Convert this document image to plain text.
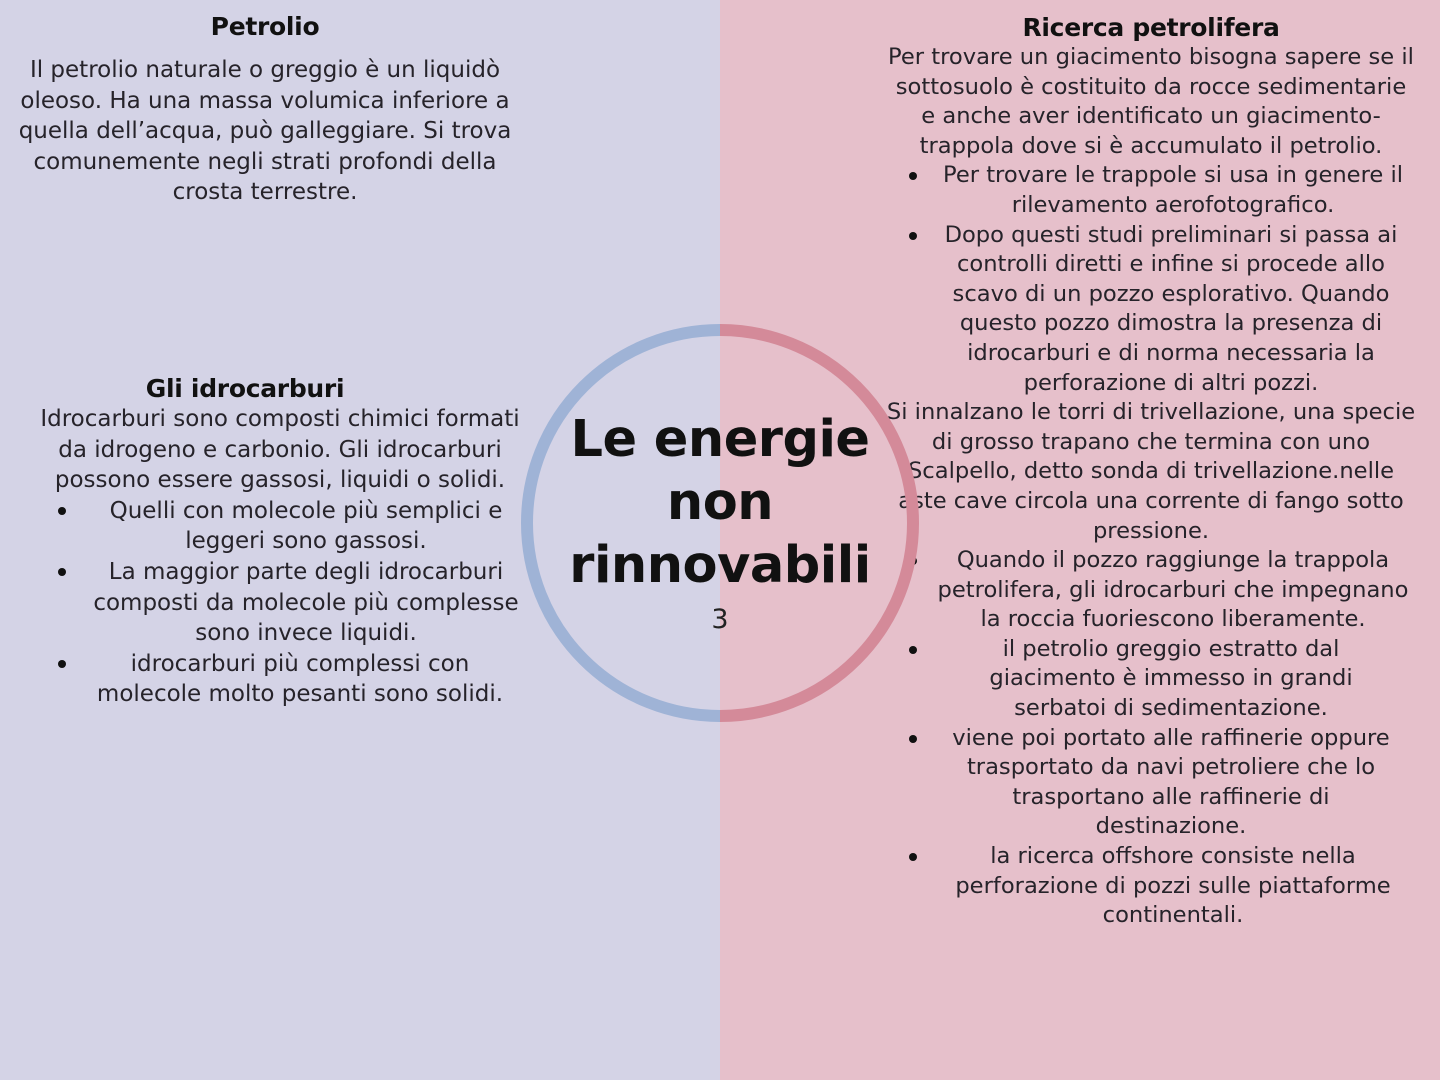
Petrolio

Il petrolio naturale o greggio è un liquidò oleoso. Ha una massa volumica inferiore a quella dell’acqua, può galleggiare. Si trova comunemente negli strati profondi della crosta terrestre.

Gli idrocarburi

Idrocarburi sono composti chimici formati da idrogeno e carbonio. Gli idrocarburi possono essere gassosi, liquidi o solidi.

Quelli con molecole più semplici e leggeri sono gassosi.
La maggior parte degli idrocarburi composti da molecole più complesse sono invece liquidi.
idrocarburi più complessi con molecole molto pesanti sono solidi.
Ricerca petrolifera

Per trovare un giacimento bisogna sapere se il sottosuolo è costituito da rocce sedimentarie e anche aver identificato un giacimento-trappola dove si è accumulato il petrolio.

Per trovare le trappole si usa in genere il rilevamento aerofotografico.
Dopo questi studi preliminari si passa ai controlli diretti e infine si procede allo scavo di un pozzo esplorativo. Quando questo pozzo dimostra la presenza di idrocarburi e di norma necessaria la perforazione di altri pozzi.

Si innalzano le torri di trivellazione, una specie di grosso trapano che termina con uno Scalpello, detto sonda di trivellazione.nelle aste cave circola una corrente di fango sotto pressione.

Quando il pozzo raggiunge la trappola petrolifera, gli idrocarburi che impegnano la roccia fuoriescono liberamente.
il petrolio greggio estratto dal giacimento è immesso in grandi serbatoi di sedimentazione.
viene poi portato alle raffinerie oppure trasportato da navi petroliere che lo trasportano alle raffinerie di destinazione.
la ricerca offshore consiste nella perforazione di pozzi sulle piattaforme continentali.
Le energie
non
rinnovabili
3
